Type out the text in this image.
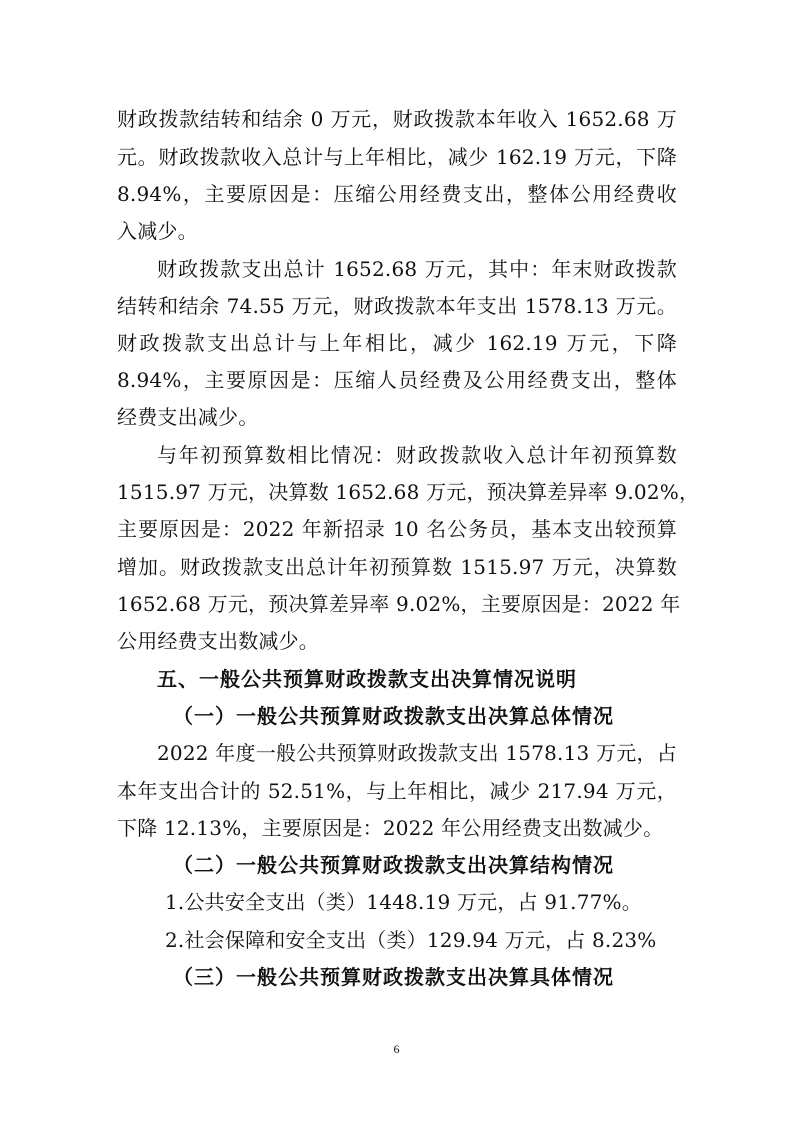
财政拨款结转和结余 0 万元，财政拨款本年收入 1652.68 万
元。财政拨款收入总计与上年相比，减少 162.19 万元，下降
8.94%，主要原因是：压缩公用经费支出，整体公用经费收
入减少。
财政拨款支出总计 1652.68 万元，其中：年末财政拨款
结转和结余 74.55 万元，财政拨款本年支出 1578.13 万元。
财政拨款支出总计与上年相比，减少 162.19 万元，下降
8.94%，主要原因是：压缩人员经费及公用经费支出，整体
经费支出减少。
与年初预算数相比情况：财政拨款收入总计年初预算数
1515.97 万元，决算数 1652.68 万元，预决算差异率 9.02%，
主要原因是：2022 年新招录 10 名公务员，基本支出较预算
增加。财政拨款支出总计年初预算数 1515.97 万元，决算数
1652.68 万元，预决算差异率 9.02%，主要原因是：2022 年
公用经费支出数减少。
五、一般公共预算财政拨款支出决算情况说明
（一）一般公共预算财政拨款支出决算总体情况
2022 年度一般公共预算财政拨款支出 1578.13 万元，占
本年支出合计的 52.51%，与上年相比，减少 217.94 万元，
下降 12.13%，主要原因是：2022 年公用经费支出数减少。
（二）一般公共预算财政拨款支出决算结构情况
1.公共安全支出（类）1448.19 万元，占 91.77%。
2.社会保障和安全支出（类）129.94 万元，占 8.23%
（三）一般公共预算财政拨款支出决算具体情况
6
